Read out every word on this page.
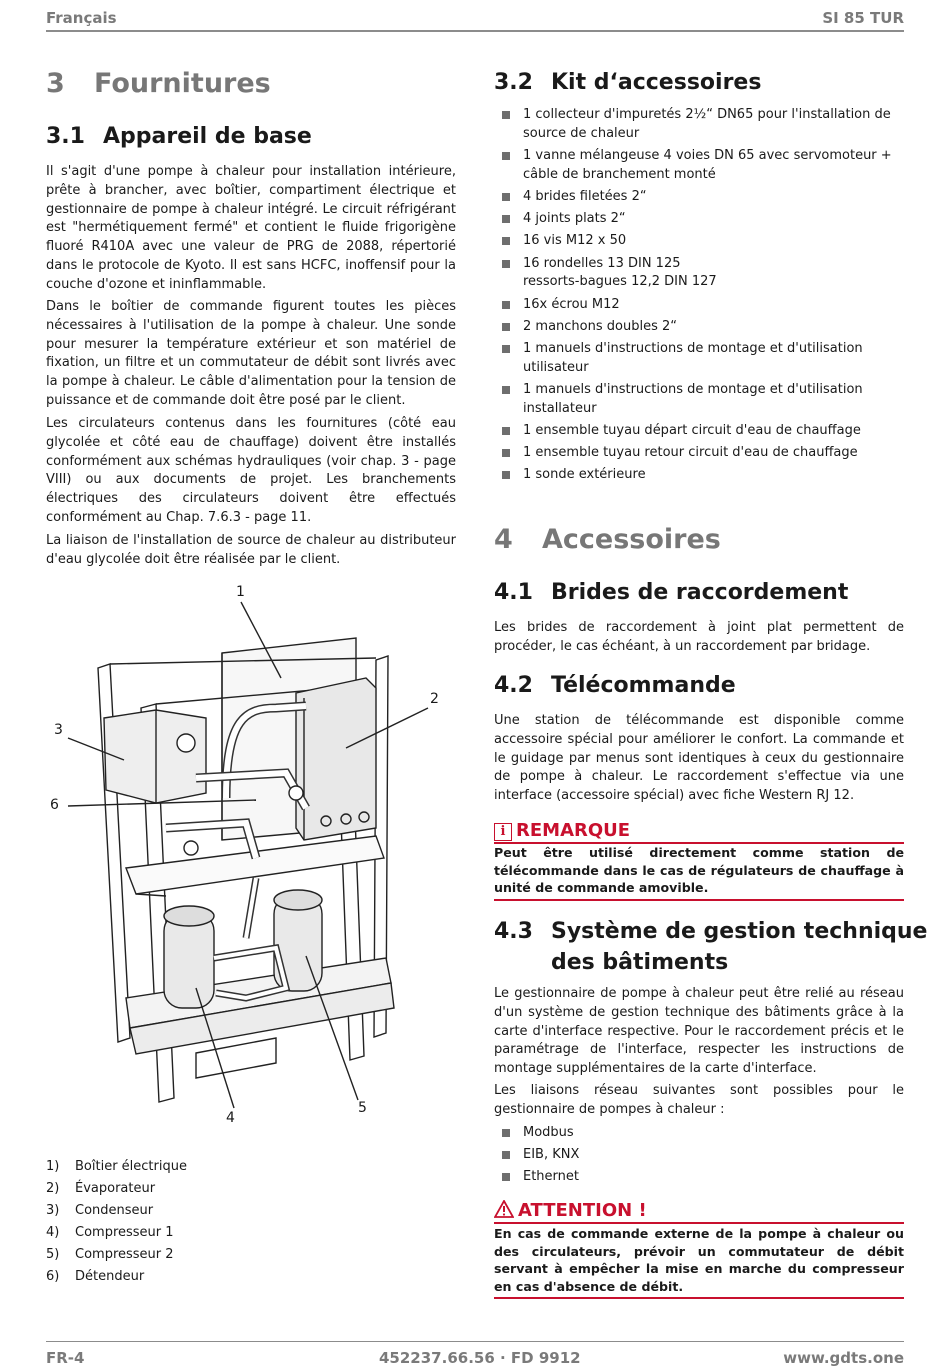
Français	SI 85 TUR
3 Fournitures
3.1 Appareil de base

Il s'agit d'une pompe à chaleur pour installation intérieure, prête à brancher, avec boîtier, compartiment électrique et gestionnaire de pompe à chaleur intégré. Le circuit réfrigérant est "hermétiquement fermé" et contient le fluide frigorigène fluoré R410A avec une valeur de PRG de 2088, répertorié dans le protocole de Kyoto. Il est sans HCFC, inoffensif pour la couche d'ozone et ininflammable.

Dans le boîtier de commande figurent toutes les pièces nécessaires à l'utilisation de la pompe à chaleur. Une sonde pour mesurer la température extérieur et son matériel de fixation, un filtre et un commutateur de débit sont livrés avec la pompe à chaleur. Le câble d'alimentation pour la tension de puissance et de commande doit être posé par le client.

Les circulateurs contenus dans les fournitures (côté eau glycolée et côté eau de chauffage) doivent être installés conformément aux schémas hydrauliques (voir chap. 3 - page VIII) ou aux documents de projet. Les branchements électriques des circulateurs doivent être effectués conformément au Chap. 7.6.3 - page 11.

La liaison de l'installation de source de chaleur au distributeur d'eau glycolée doit être réalisée par le client.

1
2
3
4
5
6
1) Boîtier électrique
2) Évaporateur
3) Condenseur
4) Compresseur 1
5) Compresseur 2
6) Détendeur
3.2 Kit d‘accessoires
1 collecteur d'impuretés 2½“ DN65 pour l'installation de source de chaleur
1 vanne mélangeuse 4 voies DN 65 avec servomoteur + câble de branchement monté
4 brides filetées 2“
4 joints plats 2“
16 vis M12 x 50
16 rondelles 13 DIN 125
ressorts-bagues 12,2 DIN 127
16x écrou M12
2 manchons doubles 2“
1 manuels d'instructions de montage et d'utilisation utilisateur
1 manuels d'instructions de montage et d'utilisation installateur
1 ensemble tuyau départ circuit d'eau de chauffage
1 ensemble tuyau retour circuit d'eau de chauffage
1 sonde extérieure
4 Accessoires
4.1 Brides de raccordement

Les brides de raccordement à joint plat permettent de procéder, le cas échéant, à un raccordement par bridage.

4.2 Télécommande

Une station de télécommande est disponible comme accessoire spécial pour améliorer le confort. La commande et le guidage par menus sont identiques à ceux du gestionnaire de pompe à chaleur. Le raccordement s'effectue via une interface (accessoire spécial) avec fiche Western RJ 12.

i REMARQUE
Peut être utilisé directement comme station de télécommande dans le cas de régulateurs de chauffage à unité de commande amovible.
4.3 Système de gestion technique
des bâtiments

Le gestionnaire de pompe à chaleur peut être relié au réseau d'un système de gestion technique des bâtiments grâce à la carte d'interface respective. Pour le raccordement précis et le paramétrage de l'interface, respecter les instructions de montage supplémentaires de la carte d'interface.

Les liaisons réseau suivantes sont possibles pour le gestionnaire de pompes à chaleur :

Modbus
EIB, KNX
Ethernet
ATTENTION !
En cas de commande externe de la pompe à chaleur ou des circulateurs, prévoir un commutateur de débit servant à empêcher la mise en marche du compresseur en cas d'absence de débit.
FR-4	452237.66.56 · FD 9912	www.gdts.one
